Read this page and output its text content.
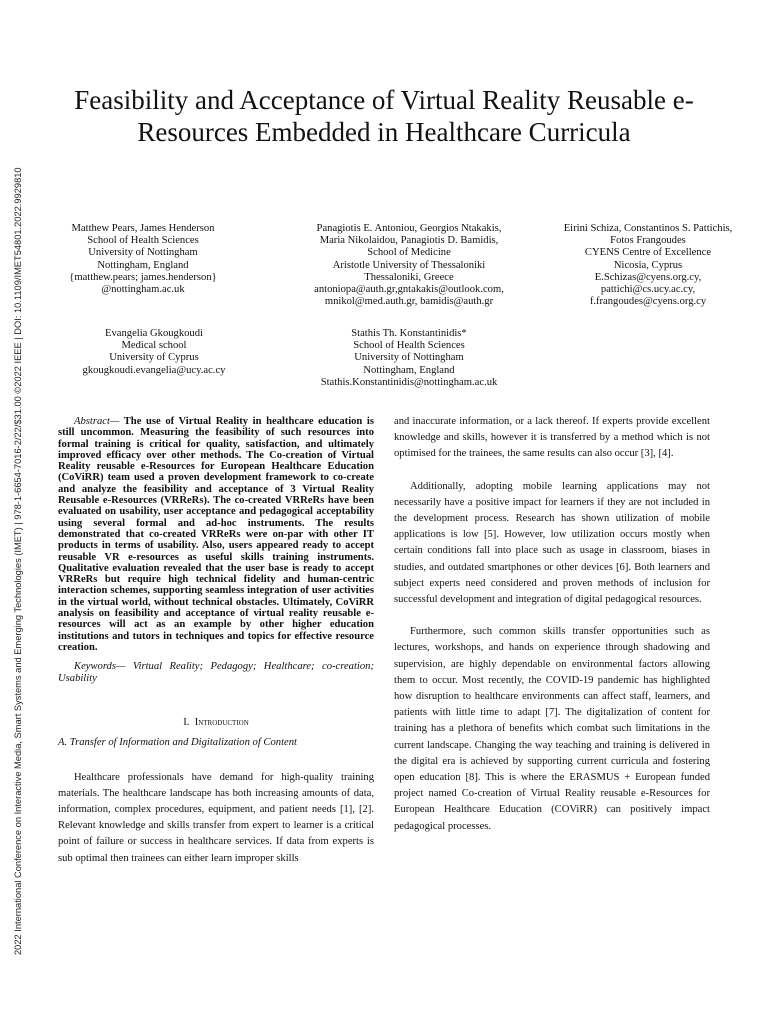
2022 International Conference on Interactive Media, Smart Systems and Emerging Technologies (IMET) | 978-1-6654-7016-2/22/$31.00 ©2022 IEEE | DOI: 10.1109/IMET54801.2022.9929810
Feasibility and Acceptance of Virtual Reality Reusable e-Resources Embedded in Healthcare Curricula
Matthew Pears, James Henderson
School of Health Sciences
University of Nottingham
Nottingham, England
{matthew.pears; james.henderson}
@nottingham.ac.uk
Panagiotis E. Antoniou, Georgios Ntakakis,
Maria Nikolaidou, Panagiotis D. Bamidis,
School of Medicine
Aristotle University of Thessaloniki
Thessaloniki, Greece
antoniopa@auth.gr,gntakakis@outlook.com,
mnikol@med.auth.gr, bamidis@auth.gr
Eirini Schiza, Constantinos S. Pattichis,
Fotos Frangoudes
CYENS Centre of Excellence
Nicosia, Cyprus
E.Schizas@cyens.org.cy,
pattichi@cs.ucy.ac.cy,
f.frangoudes@cyens.org.cy
Evangelia Gkougkoudi
Medical school
University of Cyprus
gkougkoudi.evangelia@ucy.ac.cy
Stathis Th. Konstantinidis*
School of Health Sciences
University of Nottingham
Nottingham, England
Stathis.Konstantinidis@nottingham.ac.uk

Abstract— The use of Virtual Reality in healthcare education is still uncommon. Measuring the feasibility of such resources into formal training is critical for quality, satisfaction, and ultimately improved efficacy over other methods. The Co-creation of Virtual Reality reusable e-Resources for European Healthcare Education (CoViRR) team used a proven development framework to co-create and analyze the feasibility and acceptance of 3 Virtual Reality Reusable e-Resources (VRReRs). The co-created VRReRs have been evaluated on usability, user acceptance and pedagogical acceptability using several formal and ad-hoc instruments. The results demonstrated that co-created VRReRs were on-par with other IT products in terms of usability. Also, users appeared ready to accept reusable VR e-resources as useful skills training instruments. Qualitative evaluation revealed that the user base is ready to accept VRReRs but require high technical fidelity and human-centric interaction schemes, supporting seamless integration of user activities in the virtual world, without technical obstacles. Ultimately, CoViRR analysis on feasibility and acceptance of virtual reality reusable e-resources will act as an example by other higher education institutions and tutors in techniques and topics for effective resource creation.

Keywords— Virtual Reality; Pedagogy; Healthcare; co-creation; Usability

I. Introduction
A. Transfer of Information and Digitalization of Content

Healthcare professionals have demand for high-quality training materials. The healthcare landscape has both increasing amounts of data, information, complex procedures, equipment, and patient needs [1], [2]. Relevant knowledge and skills transfer from expert to learner is a critical point of failure or success in healthcare services. If data from experts is sub optimal then trainees can either learn improper skills

and inaccurate information, or a lack thereof. If experts provide excellent knowledge and skills, however it is transferred by a method which is not optimised for the trainees, the same results can also occur [3], [4].

Additionally, adopting mobile learning applications may not necessarily have a positive impact for learners if they are not included in the development process. Research has shown utilization of mobile applications is low [5]. However, low utilization occurs mostly when certain conditions fall into place such as usage in classroom, biases in studies, and outdated smartphones or other devices [6]. Both learners and subject experts need considered and proven methods of inclusion for successful development and integration of digital pedagogical resources.

Furthermore, such common skills transfer opportunities such as lectures, workshops, and hands on experience through shadowing and supervision, are highly dependable on environmental factors allowing them to occur. Most recently, the COVID-19 pandemic has highlighted how disruption to healthcare environments can affect staff, learners, and patients with little time to adapt [7]. The digitalization of content for training has a plethora of benefits which combat such limitations in the current landscape. Changing the way teaching and training is delivered in the digital era is achieved by supporting current curricula and fostering open education [8]. This is where the ERASMUS + European funded project named Co-creation of Virtual Reality reusable e-Resources for European Healthcare Education (COViRR) can positively impact pedagogical processes.
